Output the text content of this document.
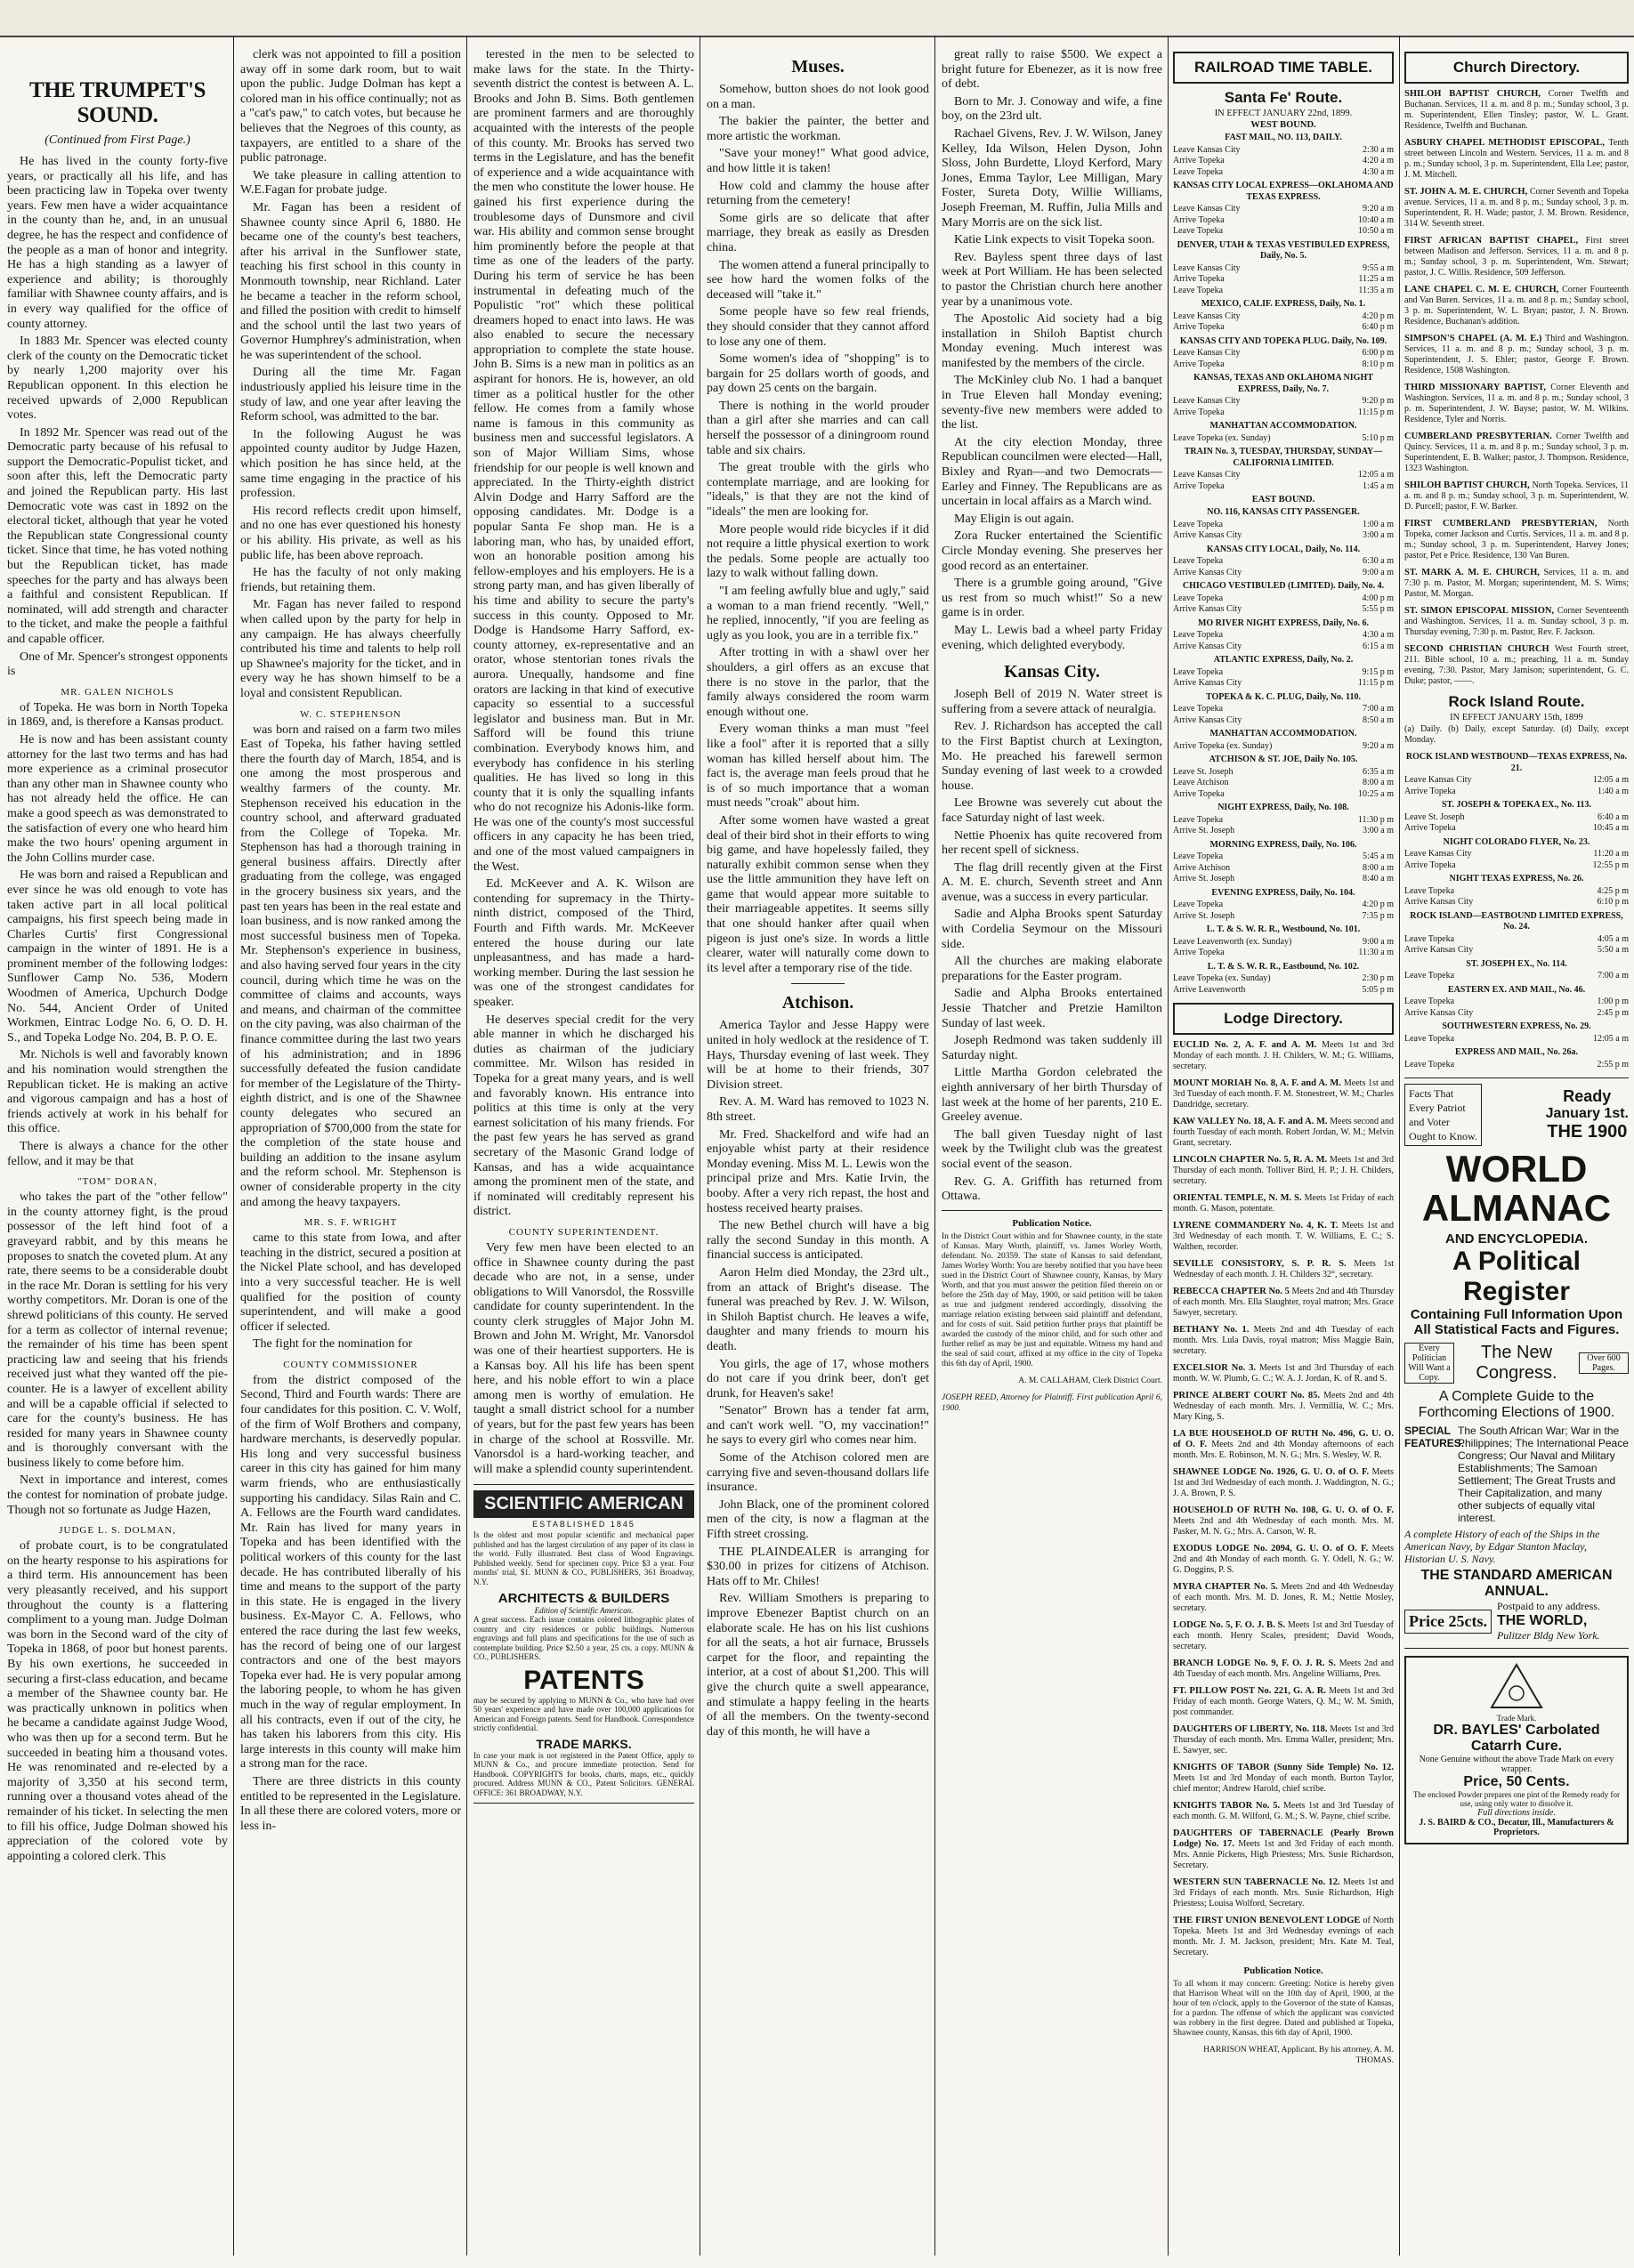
THE TRUMPET'S SOUND.
(Continued from First Page.)

He has lived in the county forty-five years, or practically all his life, and has been practicing law in Topeka over twenty years. Few men have a wider acquaintance in the county than he, and, in an unusual degree, he has the respect and confidence of the people as a man of honor and integrity. He has a high standing as a lawyer of experience and ability; is thoroughly familiar with Shawnee county affairs, and is in every way qualified for the office of county attorney.

In 1883 Mr. Spencer was elected county clerk of the county on the Democratic ticket by nearly 1,200 majority over his Republican opponent. In this election he received upwards of 2,000 Republican votes.

In 1892 Mr. Spencer was read out of the Democratic party because of his refusal to support the Democratic-Populist ticket, and soon after this, left the Democratic party and joined the Republican party. His last Democratic vote was cast in 1892 on the electoral ticket, although that year he voted the Republican state Congressional county ticket. Since that time, he has voted nothing but the Republican ticket, has made speeches for the party and has always been a faithful and consistent Republican. If nominated, will add strength and character to the ticket, and make the people a faithful and capable officer.

One of Mr. Spencer's strongest opponents is

MR. GALEN NICHOLS

of Topeka. He was born in North Topeka in 1869, and, is therefore a Kansas product.

He is now and has been assistant county attorney for the last two terms and has had more experience as a criminal prosecutor than any other man in Shawnee county who has not already held the office. He can make a good speech as was demonstrated to the satisfaction of every one who heard him make the two hours' opening argument in the John Collins murder case.

He was born and raised a Republican and ever since he was old enough to vote has taken active part in all local political campaigns, his first speech being made in Charles Curtis' first Congressional campaign in the winter of 1891. He is a prominent member of the following lodges: Sunflower Camp No. 536, Modern Woodmen of America, Upchurch Dodge No. 544, Ancient Order of United Workmen, Eintrac Lodge No. 6, O. D. H. S., and Topeka Lodge No. 204, B. P. O. E.

Mr. Nichols is well and favorably known and his nomination would strengthen the Republican ticket. He is making an active and vigorous campaign and has a host of friends actively at work in his behalf for this office.

There is always a chance for the other fellow, and it may be that

"TOM" DORAN,

who takes the part of the "other fellow" in the county attorney fight, is the proud possessor of the left hind foot of a graveyard rabbit, and by this means he proposes to snatch the coveted plum. At any rate, there seems to be a considerable doubt in the race Mr. Doran is settling for his very worthy competitors. Mr. Doran is one of the shrewd politicians of this county. He served for a term as collector of internal revenue; the remainder of his time has been spent practicing law and seeing that his friends received just what they wanted off the pie-counter. He is a lawyer of excellent ability and will be a capable official if selected to care for the county's business. He has resided for many years in Shawnee county and is thoroughly conversant with the business likely to come before him.

Next in importance and interest, comes the contest for nomination of probate judge. Though not so fortunate as Judge Hazen,

JUDGE L. S. DOLMAN,

of probate court, is to be congratulated on the hearty response to his aspirations for a third term. His announcement has been very pleasantly received, and his support throughout the county is a flattering compliment to a young man. Judge Dolman was born in the Second ward of the city of Topeka in 1868, of poor but honest parents. By his own exertions, he succeeded in securing a first-class education, and became a member of the Shawnee county bar. He was practically unknown in politics when he became a candidate against Judge Wood, who was then up for a second term. But he succeeded in beating him a thousand votes. He was renominated and re-elected by a majority of 3,350 at his second term, running over a thousand votes ahead of the remainder of his ticket. In selecting the men to fill his office, Judge Dolman showed his appreciation of the colored vote by appointing a colored clerk. This

clerk was not appointed to fill a position away off in some dark room, but to wait upon the public. Judge Dolman has kept a colored man in his office continually; not as a "cat's paw," to catch votes, but because he believes that the Negroes of this county, as taxpayers, are entitled to a share of the public patronage.

We take pleasure in calling attention to W.E.Fagan for probate judge.

Mr. Fagan has been a resident of Shawnee county since April 6, 1880. He became one of the county's best teachers, after his arrival in the Sunflower state, teaching his first school in this county in Monmouth township, near Richland. Later he became a teacher in the reform school, and filled the position with credit to himself and the school until the last two years of Governor Humphrey's administration, when he was superintendent of the school.

During all the time Mr. Fagan industriously applied his leisure time in the study of law, and one year after leaving the Reform school, was admitted to the bar.

In the following August he was appointed county auditor by Judge Hazen, which position he has since held, at the same time engaging in the practice of his profession.

His record reflects credit upon himself, and no one has ever questioned his honesty or his ability. His private, as well as his public life, has been above reproach.

He has the faculty of not only making friends, but retaining them.

Mr. Fagan has never failed to respond when called upon by the party for help in any campaign. He has always cheerfully contributed his time and talents to help roll up Shawnee's majority for the ticket, and in every way he has shown himself to be a loyal and consistent Republican.

W. C. STEPHENSON

was born and raised on a farm two miles East of Topeka, his father having settled there the fourth day of March, 1854, and is one among the most prosperous and wealthy farmers of the county. Mr. Stephenson received his education in the country school, and afterward graduated from the College of Topeka. Mr. Stephenson has had a thorough training in general business affairs. Directly after graduating from the college, was engaged in the grocery business six years, and the past ten years has been in the real estate and loan business, and is now ranked among the most successful business men of Topeka. Mr. Stephenson's experience in business, and also having served four years in the city council, during which time he was on the committee of claims and accounts, ways and means, and chairman of the committee on the city paving, was also chairman of the finance committee during the last two years of his administration; and in 1896 successfully defeated the fusion candidate for member of the Legislature of the Thirty-eighth district, and is one of the Shawnee county delegates who secured an appropriation of $700,000 from the state for the completion of the state house and building an addition to the insane asylum and the reform school. Mr. Stephenson is owner of considerable property in the city and among the heavy taxpayers.

MR. S. F. WRIGHT

came to this state from Iowa, and after teaching in the district, secured a position at the Nickel Plate school, and has developed into a very successful teacher. He is well qualified for the position of county superintendent, and will make a good officer if selected.

The fight for the nomination for

COUNTY COMMISSIONER

from the district composed of the Second, Third and Fourth wards: There are four candidates for this position. C. V. Wolf, of the firm of Wolf Brothers and company, hardware merchants, is deservedly popular. His long and very successful business career in this city has gained for him many warm friends, who are enthusiastically supporting his candidacy. Silas Rain and C. A. Fellows are the Fourth ward candidates. Mr. Rain has lived for many years in Topeka and has been identified with the political workers of this county for the last decade. He has contributed liberally of his time and means to the support of the party in this state. He is engaged in the livery business. Ex-Mayor C. A. Fellows, who entered the race during the last few weeks, has the record of being one of our largest contractors and one of the best mayors Topeka ever had. He is very popular among the laboring people, to whom he has given much in the way of regular employment. In all his contracts, even if out of the city, he has taken his laborers from this city. His large interests in this county will make him a strong man for the race.

There are three districts in this county entitled to be represented in the Legislature. In all these there are colored voters, more or less in-

terested in the men to be selected to make laws for the state. In the Thirty-seventh district the contest is between A. L. Brooks and John B. Sims. Both gentlemen are prominent farmers and are thoroughly acquainted with the interests of the people of this county. Mr. Brooks has served two terms in the Legislature, and has the benefit of experience and a wide acquaintance with the men who constitute the lower house. He gained his first experience during the troublesome days of Dunsmore and civil war. His ability and common sense brought him prominently before the people at that time as one of the leaders of the party. During his term of service he has been instrumental in defeating much of the Populistic "rot" which these political dreamers hoped to enact into laws. He was also enabled to secure the necessary appropriation to complete the state house. John B. Sims is a new man in politics as an aspirant for honors. He is, however, an old timer as a political hustler for the other fellow. He comes from a family whose name is famous in this community as business men and successful legislators. A son of Major William Sims, whose friendship for our people is well known and appreciated. In the Thirty-eighth district Alvin Dodge and Harry Safford are the opposing candidates. Mr. Dodge is a popular Santa Fe shop man. He is a laboring man, who has, by unaided effort, won an honorable position among his fellow-employes and his employers. He is a strong party man, and has given liberally of his time and ability to secure the party's success in this county. Opposed to Mr. Dodge is Handsome Harry Safford, ex-county attorney, ex-representative and an orator, whose stentorian tones rivals the aurora. Unequally, handsome and fine orators are lacking in that kind of executive capacity so essential to a successful legislator and business man. But in Mr. Safford will be found this triune combination. Everybody knows him, and everybody has confidence in his sterling qualities. He has lived so long in this county that it is only the squalling infants who do not recognize his Adonis-like form. He was one of the county's most successful officers in any capacity he has been tried, and one of the most valued campaigners in the West.

Ed. McKeever and A. K. Wilson are contending for supremacy in the Thirty-ninth district, composed of the Third, Fourth and Fifth wards. Mr. McKeever entered the house during our late unpleasantness, and has made a hard-working member. During the last session he was one of the strongest candidates for speaker.

He deserves special credit for the very able manner in which he discharged his duties as chairman of the judiciary committee. Mr. Wilson has resided in Topeka for a great many years, and is well and favorably known. His entrance into politics at this time is only at the very earnest solicitation of his many friends. For the past few years he has served as grand secretary of the Masonic Grand lodge of Kansas, and has a wide acquaintance among the prominent men of the state, and if nominated will creditably represent his district.

COUNTY SUPERINTENDENT.

Very few men have been elected to an office in Shawnee county during the past decade who are not, in a sense, under obligations to Will Vanorsdol, the Rossville candidate for county superintendent. In the county clerk struggles of Major John M. Brown and John M. Wright, Mr. Vanorsdol was one of their heartiest supporters. He is a Kansas boy. All his life has been spent here, and his noble effort to win a place among men is worthy of emulation. He taught a small district school for a number of years, but for the past few years has been in charge of the school at Rossville. Mr. Vanorsdol is a hard-working teacher, and will make a splendid county superintendent.

SCIENTIFIC AMERICAN
ESTABLISHED 1845
Is the oldest and most popular scientific and mechanical paper published and has the largest circulation of any paper of its class in the world. Fully illustrated. Best class of Wood Engravings. Published weekly. Send for specimen copy. Price $3 a year. Four months' trial, $1. MUNN & CO., PUBLISHERS, 361 Broadway, N.Y.
ARCHITECTS & BUILDERS
Edition of Scientific American.
A great success. Each issue contains colored lithographic plates of country and city residences or public buildings. Numerous engravings and full plans and specifications for the use of such as contemplate building. Price $2.50 a year, 25 cts. a copy. MUNN & CO., PUBLISHERS.
PATENTS
may be secured by applying to MUNN & Co., who have had over 50 years' experience and have made over 100,000 applications for American and Foreign patents. Send for Handbook. Correspondence strictly confidential.
TRADE MARKS.
In case your mark is not registered in the Patent Office, apply to MUNN & Co., and procure immediate protection. Send for Handbook. COPYRIGHTS for books, charts, maps, etc., quickly procured. Address MUNN & CO., Patent Solicitors. GENERAL OFFICE: 361 BROADWAY, N.Y.
Muses.

Somehow, button shoes do not look good on a man.

The bakier the painter, the better and more artistic the workman.

"Save your money!" What good advice, and how little it is taken!

How cold and clammy the house after returning from the cemetery!

Some girls are so delicate that after marriage, they break as easily as Dresden china.

The women attend a funeral principally to see how hard the women folks of the deceased will "take it."

Some people have so few real friends, they should consider that they cannot afford to lose any one of them.

Some women's idea of "shopping" is to bargain for 25 dollars worth of goods, and pay down 25 cents on the bargain.

There is nothing in the world prouder than a girl after she marries and can call herself the possessor of a diningroom round table and six chairs.

The great trouble with the girls who contemplate marriage, and are looking for "ideals," is that they are not the kind of "ideals" the men are looking for.

More people would ride bicycles if it did not require a little physical exertion to work the pedals. Some people are actually too lazy to walk without falling down.

"I am feeling awfully blue and ugly," said a woman to a man friend recently. "Well," he replied, innocently, "if you are feeling as ugly as you look, you are in a terrible fix."

After trotting in with a shawl over her shoulders, a girl offers as an excuse that there is no stove in the parlor, that the family always considered the room warm enough without one.

Every woman thinks a man must "feel like a fool" after it is reported that a silly woman has killed herself about him. The fact is, the average man feels proud that he is of so much importance that a woman must needs "croak" about him.

After some women have wasted a great deal of their bird shot in their efforts to wing big game, and have hopelessly failed, they naturally exhibit common sense when they use the little ammunition they have left on game that would appear more suitable to their marriageable appetites. It seems silly that one should hanker after quail when pigeon is just one's size. In words a little clearer, water will naturally come down to its level after a temporary rise of the tide.

Atchison.

America Taylor and Jesse Happy were united in holy wedlock at the residence of T. Hays, Thursday evening of last week. They will be at home to their friends, 307 Division street.

Rev. A. M. Ward has removed to 1023 N. 8th street.

Mr. Fred. Shackelford and wife had an enjoyable whist party at their residence Monday evening. Miss M. L. Lewis won the principal prize and Mrs. Katie Irvin, the booby. After a very rich repast, the host and hostess received hearty praises.

The new Bethel church will have a big rally the second Sunday in this month. A financial success is anticipated.

Aaron Helm died Monday, the 23rd ult., from an attack of Bright's disease. The funeral was preached by Rev. J. W. Wilson, in Shiloh Baptist church. He leaves a wife, daughter and many friends to mourn his death.

You girls, the age of 17, whose mothers do not care if you drink beer, don't get drunk, for Heaven's sake!

"Senator" Brown has a tender fat arm, and can't work well. "O, my vaccination!" he says to every girl who comes near him.

Some of the Atchison colored men are carrying five and seven-thousand dollars life insurance.

John Black, one of the prominent colored men of the city, is now a flagman at the Fifth street crossing.

THE PLAINDEALER is arranging for $30.00 in prizes for citizens of Atchison. Hats off to Mr. Chiles!

Rev. William Smothers is preparing to improve Ebenezer Baptist church on an elaborate scale. He has on his list cushions for all the seats, a hot air furnace, Brussels carpet for the floor, and repainting the interior, at a cost of about $1,200. This will give the church quite a swell appearance, and stimulate a happy feeling in the hearts of all the members. On the twenty-second day of this month, he will have a

great rally to raise $500. We expect a bright future for Ebenezer, as it is now free of debt.

Born to Mr. J. Conoway and wife, a fine boy, on the 23rd ult.

Rachael Givens, Rev. J. W. Wilson, Janey Kelley, Ida Wilson, Helen Dyson, John Sloss, John Burdette, Lloyd Kerford, Mary Jones, Emma Taylor, Lee Milligan, Mary Foster, Sureta Doty, Willie Williams, Joseph Freeman, M. Ruffin, Julia Mills and Mary Morris are on the sick list.

Katie Link expects to visit Topeka soon.

Rev. Bayless spent three days of last week at Port William. He has been selected to pastor the Christian church here another year by a unanimous vote.

The Apostolic Aid society had a big installation in Shiloh Baptist church Monday evening. Much interest was manifested by the members of the circle.

The McKinley club No. 1 had a banquet in True Eleven hall Monday evening; seventy-five new members were added to the list.

At the city election Monday, three Republican councilmen were elected—Hall, Bixley and Ryan—and two Democrats—Earley and Finney. The Republicans are as uncertain in local affairs as a March wind.

May Eligin is out again.

Zora Rucker entertained the Scientific Circle Monday evening. She preserves her good record as an entertainer.

There is a grumble going around, "Give us rest from so much whist!" So a new game is in order.

May L. Lewis bad a wheel party Friday evening, which delighted everybody.

Kansas City.

Joseph Bell of 2019 N. Water street is suffering from a severe attack of neuralgia.

Rev. J. Richardson has accepted the call to the First Baptist church at Lexington, Mo. He preached his farewell sermon Sunday evening of last week to a crowded house.

Lee Browne was severely cut about the face Saturday night of last week.

Nettie Phoenix has quite recovered from her recent spell of sickness.

The flag drill recently given at the First A. M. E. church, Seventh street and Ann avenue, was a success in every particular.

Sadie and Alpha Brooks spent Saturday with Cordelia Seymour on the Missouri side.

All the churches are making elaborate preparations for the Easter program.

Sadie and Alpha Brooks entertained Jessie Thatcher and Pretzie Hamilton Sunday of last week.

Joseph Redmond was taken suddenly ill Saturday night.

Little Martha Gordon celebrated the eighth anniversary of her birth Thursday of last week at the home of her parents, 210 E. Greeley avenue.

The ball given Tuesday night of last week by the Twilight club was the greatest social event of the season.

Rev. G. A. Griffith has returned from Ottawa.

Publication Notice.
In the District Court within and for Shawnee county, in the state of Kansas. Mary Worth, plaintiff, vs. James Worley Worth, defendant. No. 20359. The state of Kansas to said defendant, James Worley Worth: You are hereby notified that you have been sued in the District Court of Shawnee county, Kansas, by Mary Worth, and that you must answer the petition filed therein on or before the 25th day of May, 1900, or said petition will be taken as true and judgment rendered accordingly, dissolving the marriage relation existing between said plaintiff and defendant, and for costs of suit. Said petition further prays that plaintiff be awarded the custody of the minor child, and for such other and further relief as may be just and equitable. Witness my hand and the seal of said court, affixed at my office in the city of Topeka this 6th day of April, 1900.
A. M. CALLAHAM, Clerk District Court.
JOSEPH REED, Attorney for Plaintiff. First publication April 6, 1900.
RAILROAD TIME TABLE.
Santa Fe' Route.
IN EFFECT JANUARY 22nd, 1899.
WEST BOUND.
FAST MAIL, NO. 113, DAILY.
Leave Kansas City	2:30 a m
Arrive Topeka	4:20 a m
Leave Topeka	4:30 a m
KANSAS CITY LOCAL EXPRESS—OKLAHOMA AND TEXAS EXPRESS.
Leave Kansas City	9:20 a m
Arrive Topeka	10:40 a m
Leave Topeka	10:50 a m
DENVER, UTAH & TEXAS VESTIBULED EXPRESS, Daily, No. 5.
Leave Kansas City	9:55 a m
Arrive Topeka	11:25 a m
Leave Topeka	11:35 a m
MEXICO, CALIF. EXPRESS, Daily, No. 1.
Leave Kansas City	4:20 p m
Arrive Topeka	6:40 p m
KANSAS CITY AND TOPEKA PLUG. Daily, No. 109.
Leave Kansas City	6:00 p m
Arrive Topeka	8:10 p m
KANSAS, TEXAS AND OKLAHOMA NIGHT EXPRESS, Daily, No. 7.
Leave Kansas City	9:20 p m
Arrive Topeka	11:15 p m
MANHATTAN ACCOMMODATION.
Leave Topeka (ex. Sunday)	5:10 p m
TRAIN No. 3, TUESDAY, THURSDAY, SUNDAY—CALIFORNIA LIMITED.
Leave Kansas City	12:05 a m
Arrive Topeka	1:45 a m
EAST BOUND.
NO. 116, KANSAS CITY PASSENGER.
Leave Topeka	1:00 a m
Arrive Kansas City	3:00 a m
KANSAS CITY LOCAL, Daily, No. 114.
Leave Topeka	6:30 a m
Arrive Kansas City	9:00 a m
CHICAGO VESTIBULED (LIMITED). Daily, No. 4.
Leave Topeka	4:00 p m
Arrive Kansas City	5:55 p m
MO RIVER NIGHT EXPRESS, Daily, No. 6.
Leave Topeka	4:30 a m
Arrive Kansas City	6:15 a m
ATLANTIC EXPRESS, Daily, No. 2.
Leave Topeka	9:15 p m
Arrive Kansas City	11:15 p m
TOPEKA & K. C. PLUG, Daily, No. 110.
Leave Topeka	7:00 a m
Arrive Kansas City	8:50 a m
MANHATTAN ACCOMMODATION.
Arrive Topeka (ex. Sunday)	9:20 a m
ATCHISON & ST. JOE, Daily No. 105.
Leave St. Joseph	6:35 a m
Leave Atchison	8:00 a m
Arrive Topeka	10:25 a m
NIGHT EXPRESS, Daily, No. 108.
Leave Topeka	11:30 p m
Arrive St. Joseph	3:00 a m
MORNING EXPRESS, Daily, No. 106.
Leave Topeka	5:45 a m
Arrive Atchison	8:00 a m
Arrive St. Joseph	8:40 a m
EVENING EXPRESS, Daily, No. 104.
Leave Topeka	4:20 p m
Arrive St. Joseph	7:35 p m
L. T. & S. W. R. R., Westbound, No. 101.
Leave Leavenworth (ex. Sunday)	9:00 a m
Arrive Topeka	11:30 a m
L. T. & S. W. R. R., Eastbound, No. 102.
Leave Topeka (ex. Sunday)	2:30 p m
Arrive Leavenworth	5:05 p m
Lodge Directory.
EUCLID No. 2, A. F. and A. M. Meets 1st and 3rd Monday of each month. J. H. Childers, W. M.; G. Williams, secretary.
MOUNT MORIAH No. 8, A. F. and A. M. Meets 1st and 3rd Tuesday of each month. F. M. Stonestreet, W. M.; Charles Dandridge, secretary.
KAW VALLEY No. 18, A. F. and A. M. Meets second and fourth Tuesday of each month. Robert Jordan, W. M.; Melvin Grant, secretary.
LINCOLN CHAPTER No. 5, R. A. M. Meets 1st and 3rd Thursday of each month. Tolliver Bird, H. P.; J. H. Childers, secretary.
ORIENTAL TEMPLE, N. M. S. Meets 1st Friday of each month. G. Mason, potentate.
LYRENE COMMANDERY No. 4, K. T. Meets 1st and 3rd Wednesday of each month. T. W. Williams, E. C.; S. Walthen, recorder.
SEVILLE CONSISTORY, S. P. R. S. Meets 1st Wednesday of each month. J. H. Childers 32°, secretary.
REBECCA CHAPTER No. 5 Meets 2nd and 4th Thursday of each month. Mrs. Ella Slaughter, royal matron; Mrs. Grace Sawyer, secretary.
BETHANY No. 1. Meets 2nd and 4th Tuesday of each month. Mrs. Lula Davis, royal matron; Miss Maggie Bain, secretary.
EXCELSIOR No. 3. Meets 1st and 3rd Thursday of each month. W. W. Plumb, G. C.; W. A. J. Jordan, K. of R. and S.
PRINCE ALBERT COURT No. 85. Meets 2nd and 4th Wednesday of each month. Mrs. J. Vermillia, W. C.; Mrs. Mary King, S.
LA BUE HOUSEHOLD OF RUTH No. 496, G. U. O. of O. F. Meets 2nd and 4th Monday afternoons of each month. Mrs. E. Robinson, M. N. G.; Mrs. S. Wesley, W. R.
SHAWNEE LODGE No. 1926, G. U. O. of O. F. Meets 1st and 3rd Wednesday of each month. J. Waddington, N. G.; J. A. Brown, P. S.
HOUSEHOLD OF RUTH No. 108, G. U. O. of O. F. Meets 2nd and 4th Wednesday of each month. Mrs. M. Pasker, M. N. G.; Mrs. A. Carson, W. R.
EXODUS LODGE No. 2094, G. U. O. of O. F. Meets 2nd and 4th Monday of each month. G. Y. Odell, N. G.; W. G. Doggins, P. S.
MYRA CHAPTER No. 5. Meets 2nd and 4th Wednesday of each month. Mrs. M. D. Jones, R. M.; Nettie Mosley, secretary.
LODGE No. 5, F. O. J. B. S. Meets 1st and 3rd Tuesday of each month. Henry Scales, president; David Woods, secretary.
BRANCH LODGE No. 9, F. O. J. R. S. Meets 2nd and 4th Tuesday of each month. Mrs. Angeline Williams, Pres.
FT. PILLOW POST No. 221, G. A. R. Meets 1st and 3rd Friday of each month. George Waters, Q. M.; W. M. Smith, post commander.
DAUGHTERS OF LIBERTY, No. 118. Meets 1st and 3rd Thursday of each month. Mrs. Emma Waller, president; Mrs. E. Sawyer, sec.
KNIGHTS OF TABOR (Sunny Side Temple) No. 12. Meets 1st and 3rd Monday of each month. Burton Taylor, chief mentor; Andrew Harold, chief scribe.
KNIGHTS TABOR No. 5. Meets 1st and 3rd Tuesday of each month. G. M. Wilford, G. M.; S. W. Payne, chief scribe.
DAUGHTERS OF TABERNACLE (Pearly Brown Lodge) No. 17. Meets 1st and 3rd Friday of each month. Mrs. Annie Pickens, High Priestess; Mrs. Susie Richardson, Secretary.
WESTERN SUN TABERNACLE No. 12. Meets 1st and 3rd Fridays of each month. Mrs. Susie Richardson, High Priestess; Louisa Wolford, Secretary.
THE FIRST UNION BENEVOLENT LODGE of North Topeka. Meets 1st and 3rd Wednesday evenings of each month. Mr. J. M. Jackson, president; Mrs. Kate M. Teal, Secretary.
Publication Notice.
To all whom it may concern: Greeting: Notice is hereby given that Harrison Wheat will on the 10th day of April, 1900, at the hour of ten o'clock, apply to the Governor of the state of Kansas, for a pardon. The offense of which the applicant was convicted was robbery in the first degree. Dated and published at Topeka, Shawnee county, Kansas, this 6th day of April, 1900.
HARRISON WHEAT, Applicant. By his attorney, A. M. THOMAS.
Church Directory.
SHILOH BAPTIST CHURCH, Corner Twelfth and Buchanan. Services, 11 a. m. and 8 p. m.; Sunday school, 3 p. m. Superintendent, Ellen Tinsley; pastor, W. L. Grant. Residence, Twelfth and Buchanan.
ASBURY CHAPEL METHODIST EPISCOPAL, Tenth street between Lincoln and Western. Services, 11 a. m. and 8 p. m.; Sunday school, 3 p. m. Superintendent, Ella Lee; pastor, J. M. Mitchell.
ST. JOHN A. M. E. CHURCH, Corner Seventh and Topeka avenue. Services, 11 a. m. and 8 p. m.; Sunday school, 3 p. m. Superintendent, R. H. Wade; pastor, J. M. Brown. Residence, 314 W. Seventh street.
FIRST AFRICAN BAPTIST CHAPEL, First street between Madison and Jefferson. Services, 11 a. m. and 8 p. m.; Sunday school, 3 p. m. Superintendent, Wm. Stewart; pastor, J. C. Willis. Residence, 509 Jefferson.
LANE CHAPEL C. M. E. CHURCH, Corner Fourteenth and Van Buren. Services, 11 a. m. and 8 p. m.; Sunday school, 3 p. m. Superintendent, W. L. Bryan; pastor, J. N. Brown. Residence, Buchanan's addition.
SIMPSON'S CHAPEL (A. M. E.) Third and Washington. Services, 11 a. m. and 8 p. m.; Sunday school, 3 p. m. Superintendent, J. S. Ehler; pastor, George F. Brown. Residence, 1508 Washington.
THIRD MISSIONARY BAPTIST, Corner Eleventh and Washington. Services, 11 a. m. and 8 p. m.; Sunday school, 3 p. m. Superintendent, J. W. Bayse; pastor, W. M. Wilkins. Residence, Tyler and Norris.
CUMBERLAND PRESBYTERIAN. Corner Twelfth and Quincy. Services, 11 a. m. and 8 p. m.; Sunday school, 3 p. m. Superintendent, E. B. Walker; pastor, J. Thompson. Residence, 1323 Washington.
SHILOH BAPTIST CHURCH, North Topeka. Services, 11 a. m. and 8 p. m.; Sunday school, 3 p. m. Superintendent, W. D. Purcell; pastor, F. W. Barker.
FIRST CUMBERLAND PRESBYTERIAN, North Topeka, corner Jackson and Curtis. Services, 11 a. m. and 8 p. m.; Sunday school, 3 p. m. Superintendent, Harvey Jones; pastor, Pet e Price. Residence, 130 Van Buren.
ST. MARK A. M. E. CHURCH, Services, 11 a. m. and 7:30 p. m. Pastor, M. Morgan; superintendent, M. S. Wims; Pastor, M. Morgan.
ST. SIMON EPISCOPAL MISSION, Corner Seventeenth and Washington. Services, 11 a. m. Sunday school, 3 p. m. Thursday evening, 7:30 p. m. Pastor, Rev. F. Jackson.
SECOND CHRISTIAN CHURCH West Fourth street, 211. Bible school, 10 a. m.; preaching, 11 a. m. Sunday evening, 7:30. Pastor, Mary Jamison; superintendent, G. C. Duke; pastor, ——.
Rock Island Route.
IN EFFECT JANUARY 15th, 1899
(a) Daily. (b) Daily, except Saturday. (d) Daily, except Monday.
ROCK ISLAND WESTBOUND—TEXAS EXPRESS, No. 21.
Leave Kansas City	12:05 a m
Arrive Topeka	1:40 a m
ST. JOSEPH & TOPEKA EX., No. 113.
Leave St. Joseph	6:40 a m
Arrive Topeka	10:45 a m
NIGHT COLORADO FLYER, No. 23.
Leave Kansas City	11:20 a m
Arrive Topeka	12:55 p m
NIGHT TEXAS EXPRESS, No. 26.
Leave Topeka	4:25 p m
Arrive Kansas City	6:10 p m
ROCK ISLAND—EASTBOUND LIMITED EXPRESS, No. 24.
Leave Topeka	4:05 a m
Arrive Kansas City	5:50 a m
ST. JOSEPH EX., No. 114.
Leave Topeka	7:00 a m
EASTERN EX. AND MAIL, No. 46.
Leave Topeka	1:00 p m
Arrive Kansas City	2:45 p m
SOUTHWESTERN EXPRESS, No. 29.
Leave Topeka	12:05 a m
EXPRESS AND MAIL, No. 26a.
Leave Topeka	2:55 p m
Facts That
Every Patriot
and Voter
Ought to Know.
Ready
January 1st.
THE 1900
WORLD ALMANAC
AND ENCYCLOPEDIA.
A Political Register
Containing Full Information Upon All Statistical Facts and Figures.
Every Politician Will Want a Copy.
The New Congress.
Over 600 Pages.
A Complete Guide to the Forthcoming Elections of 1900.
SPECIAL FEATURES.
The South African War; War in the Philippines; The International Peace Congress; Our Naval and Military Establishments; The Samoan Settlement; The Great Trusts and Their Capitalization, and many other subjects of equally vital interest.
A complete History of each of the Ships in the American Navy, by Edgar Stanton Maclay, Historian U. S. Navy.
THE STANDARD AMERICAN ANNUAL.
Price 25cts.
Postpaid to any address.
THE WORLD,
Pulitzer Bldg New York.
Trade Mark.
DR. BAYLES' Carbolated Catarrh Cure.
None Genuine without the above Trade Mark on every wrapper.
Price, 50 Cents.
The enclosed Powder prepares one pint of the Remedy ready for use, using only water to dissolve it.
Full directions inside.
J. S. BAIRD & CO., Decatur, Ill., Manufacturers & Proprietors.
